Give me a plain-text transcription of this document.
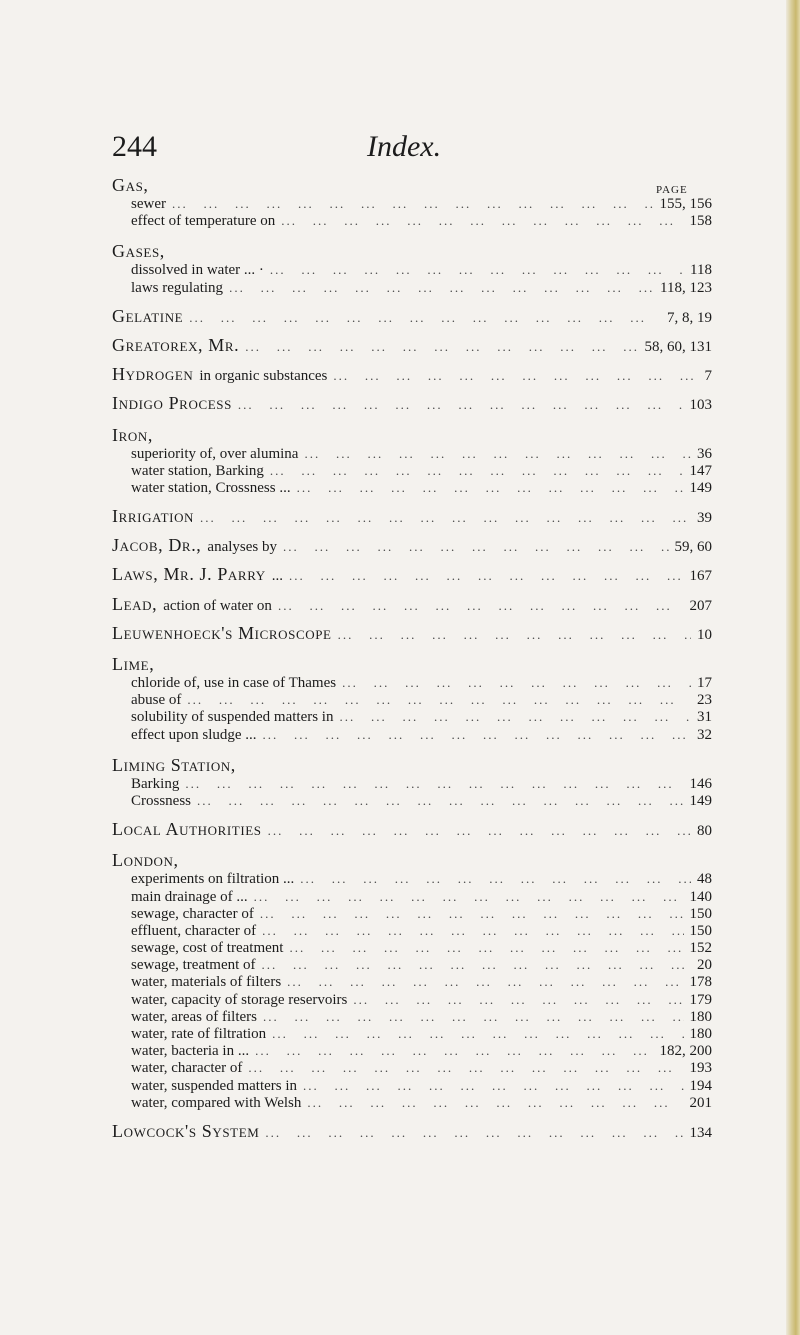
244	Index.
PAGE
Gas,
sewer ...	155, 156
effect of temperature on ...	158
Gases,
dissolved in water ... · ...	118
laws regulating ...	118, 123
Gelatine ...	7, 8, 19
Greatorex, Mr. ...	58, 60, 131
Hydrogen in organic substances ...	7
Indigo Process ...	103
Iron,
superiority of, over alumina ...	36
water station, Barking ...	147
water station, Crossness ... ...	149
Irrigation ...	39
Jacob, Dr., analyses by ...	59, 60
Laws, Mr. J. Parry ... ...	167
Lead, action of water on ...	207
Leuwenhoeck's Microscope ...	10
Lime,
chloride of, use in case of Thames ...	17
abuse of ...	23
solubility of suspended matters in ...	31
effect upon sludge ... ...	32
Liming Station,
Barking ...	146
Crossness ...	149
Local Authorities ...	80
London,
experiments on filtration ... ...	48
main drainage of ... ...	140
sewage, character of ...	150
effluent, character of ...	150
sewage, cost of treatment ...	152
sewage, treatment of ...	20
water, materials of filters ...	178
water, capacity of storage reservoirs ...	179
water, areas of filters ...	180
water, rate of filtration ...	180
water, bacteria in ... ...	182, 200
water, character of ...	193
water, suspended matters in ...	194
water, compared with Welsh ...	201
Lowcock's System ...	134
